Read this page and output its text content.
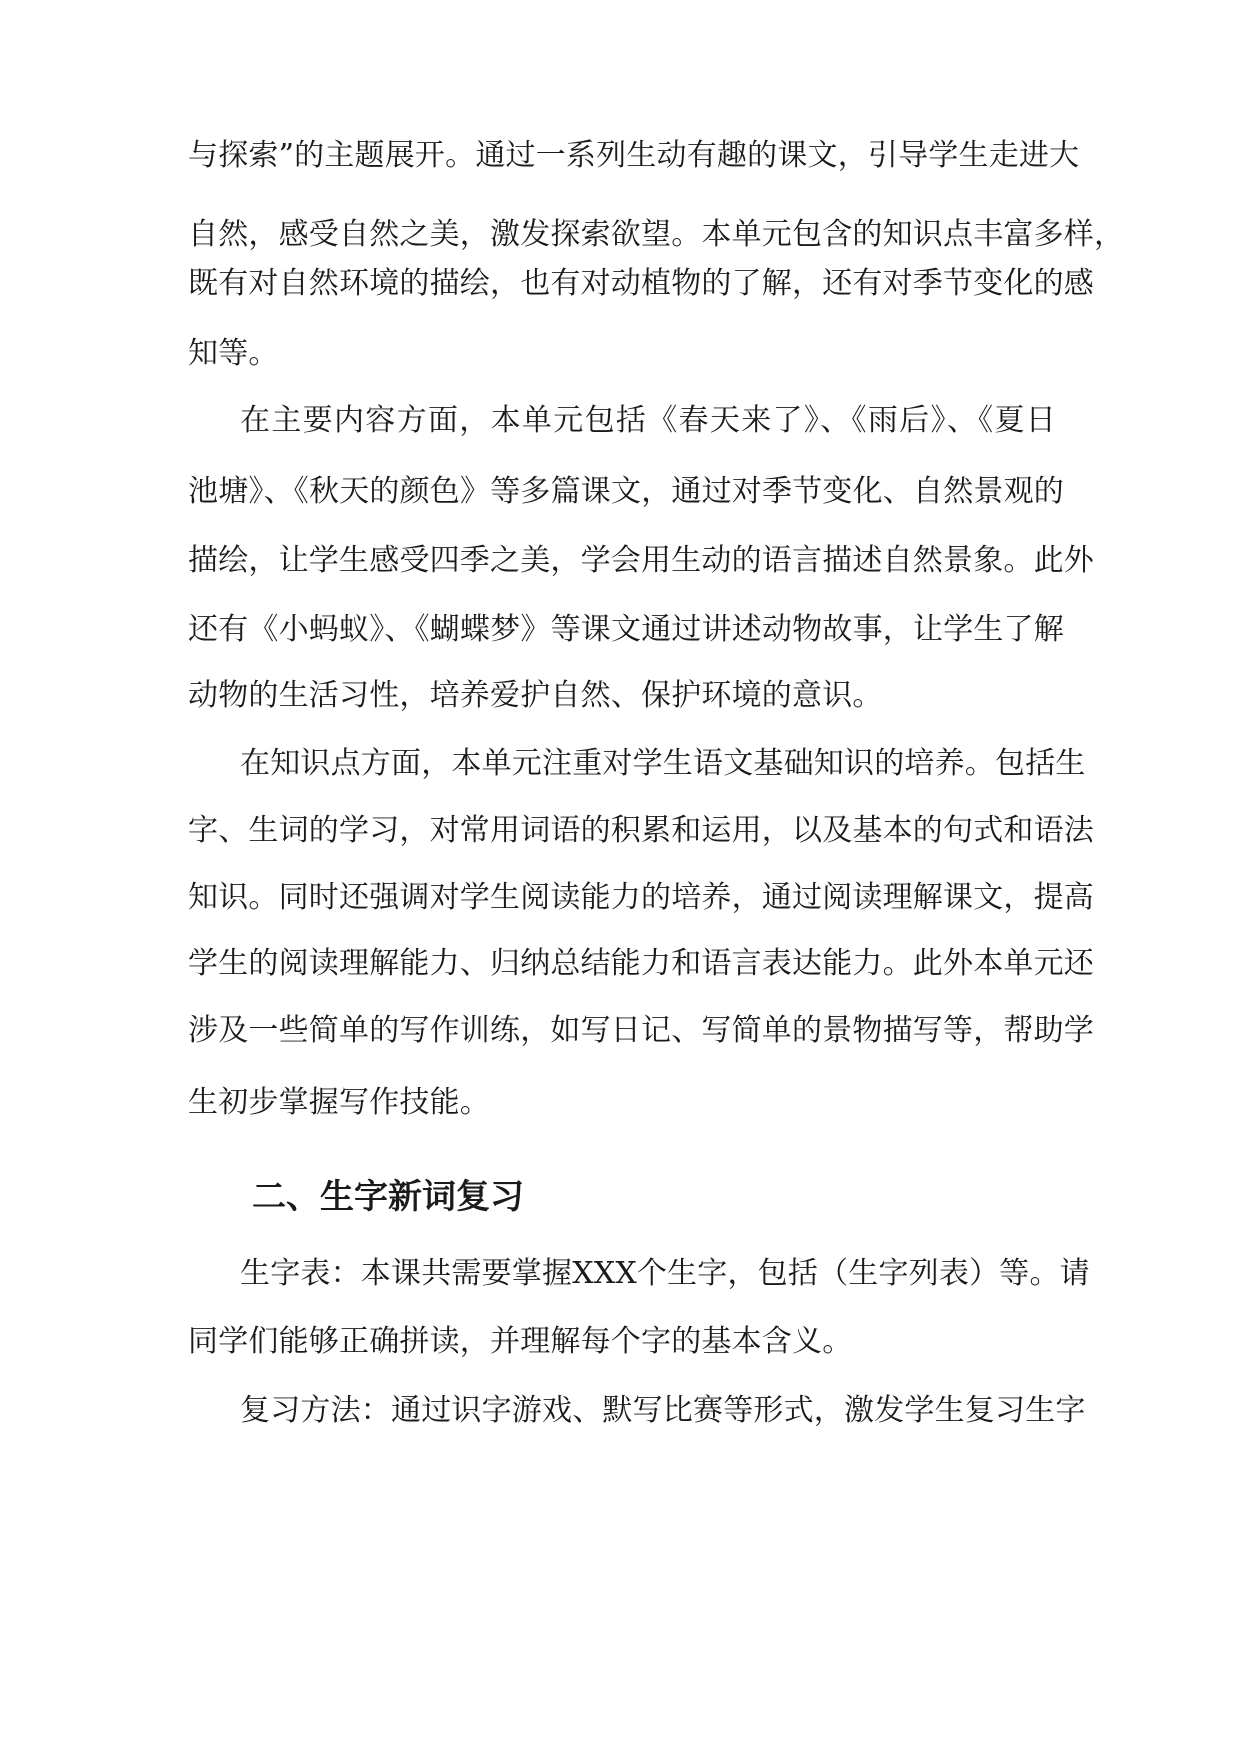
与探索”的主题展开。通过一系列生动有趣的课文，引导学生走进大
自然，感受自然之美，激发探索欲望。本单元包含的知识点丰富多样，
既有对自然环境的描绘，也有对动植物的了解，还有对季节变化的感
知等。
在主要内容方面，本单元包括《春天来了》、《雨后》、《夏日
池塘》、《秋天的颜色》等多篇课文，通过对季节变化、自然景观的
描绘，让学生感受四季之美，学会用生动的语言描述自然景象。此外
还有《小蚂蚁》、《蝴蝶梦》等课文通过讲述动物故事，让学生了解
动物的生活习性，培养爱护自然、保护环境的意识。
在知识点方面，本单元注重对学生语文基础知识的培养。包括生
字、生词的学习，对常用词语的积累和运用，以及基本的句式和语法
知识。同时还强调对学生阅读能力的培养，通过阅读理解课文，提高
学生的阅读理解能力、归纳总结能力和语言表达能力。此外本单元还
涉及一些简单的写作训练，如写日记、写简单的景物描写等，帮助学
生初步掌握写作技能。
二、生字新词复习
生字表：本课共需要掌握XXX个生字，包括（生字列表）等。请
同学们能够正确拼读，并理解每个字的基本含义。
复习方法：通过识字游戏、默写比赛等形式，激发学生复习生字
